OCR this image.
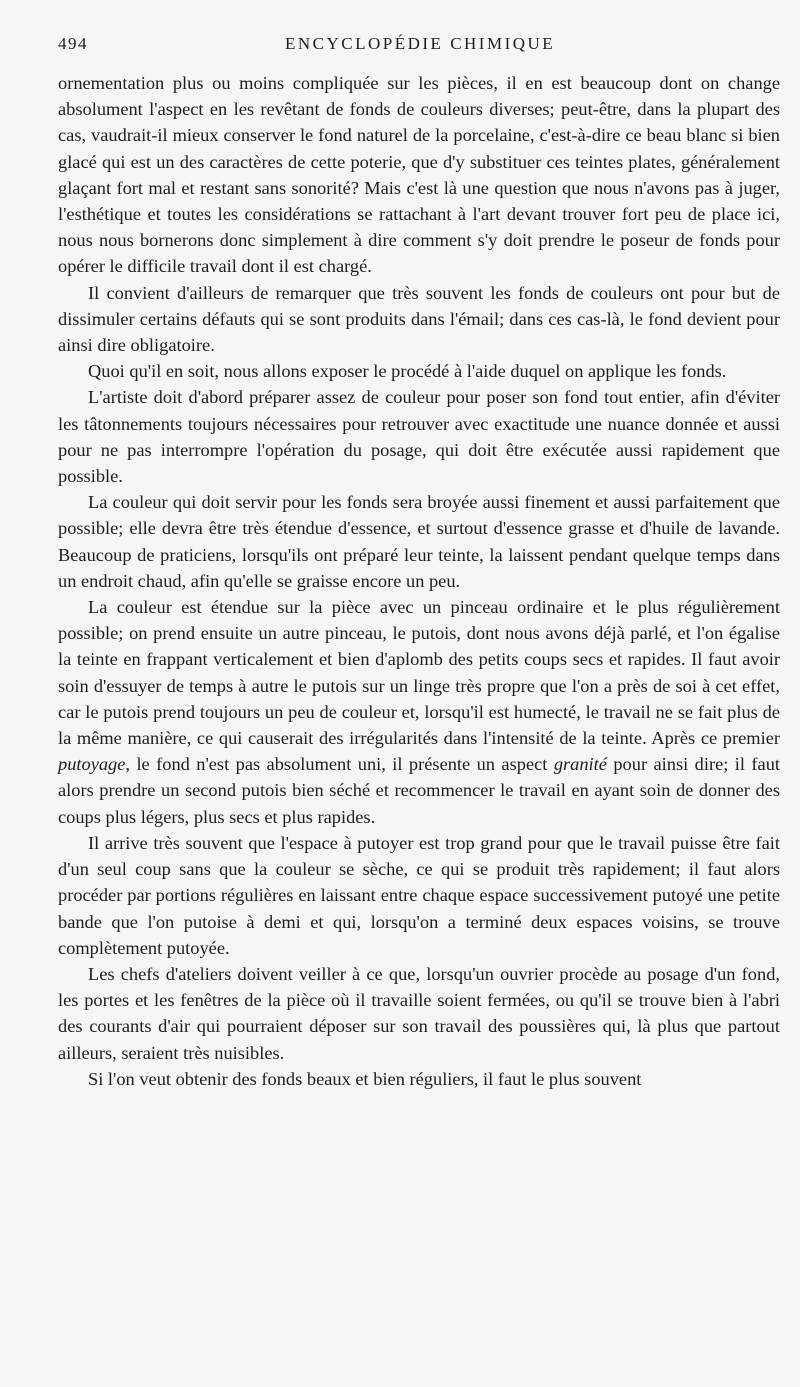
494	ENCYCLOPÉDIE CHIMIQUE

ornementation plus ou moins compliquée sur les pièces, il en est beaucoup dont on change absolument l'aspect en les revêtant de fonds de couleurs diverses; peut-être, dans la plupart des cas, vaudrait-il mieux conserver le fond naturel de la porcelaine, c'est-à-dire ce beau blanc si bien glacé qui est un des caractères de cette poterie, que d'y substituer ces teintes plates, généralement glaçant fort mal et restant sans sonorité? Mais c'est là une question que nous n'avons pas à juger, l'esthétique et toutes les considérations se rattachant à l'art devant trouver fort peu de place ici, nous nous bornerons donc simplement à dire comment s'y doit prendre le poseur de fonds pour opérer le difficile travail dont il est chargé.

Il convient d'ailleurs de remarquer que très souvent les fonds de couleurs ont pour but de dissimuler certains défauts qui se sont produits dans l'émail; dans ces cas-là, le fond devient pour ainsi dire obligatoire.

Quoi qu'il en soit, nous allons exposer le procédé à l'aide duquel on applique les fonds.

L'artiste doit d'abord préparer assez de couleur pour poser son fond tout entier, afin d'éviter les tâtonnements toujours nécessaires pour retrouver avec exactitude une nuance donnée et aussi pour ne pas interrompre l'opération du posage, qui doit être exécutée aussi rapidement que possible.

La couleur qui doit servir pour les fonds sera broyée aussi finement et aussi parfaitement que possible; elle devra être très étendue d'essence, et surtout d'essence grasse et d'huile de lavande. Beaucoup de praticiens, lorsqu'ils ont préparé leur teinte, la laissent pendant quelque temps dans un endroit chaud, afin qu'elle se graisse encore un peu.

La couleur est étendue sur la pièce avec un pinceau ordinaire et le plus régulièrement possible; on prend ensuite un autre pinceau, le putois, dont nous avons déjà parlé, et l'on égalise la teinte en frappant verticalement et bien d'aplomb des petits coups secs et rapides. Il faut avoir soin d'essuyer de temps à autre le putois sur un linge très propre que l'on a près de soi à cet effet, car le putois prend toujours un peu de couleur et, lorsqu'il est humecté, le travail ne se fait plus de la même manière, ce qui causerait des irrégularités dans l'intensité de la teinte. Après ce premier putoyage, le fond n'est pas absolument uni, il présente un aspect granité pour ainsi dire; il faut alors prendre un second putois bien séché et recommencer le travail en ayant soin de donner des coups plus légers, plus secs et plus rapides.

Il arrive très souvent que l'espace à putoyer est trop grand pour que le travail puisse être fait d'un seul coup sans que la couleur se sèche, ce qui se produit très rapidement; il faut alors procéder par portions régulières en laissant entre chaque espace successivement putoyé une petite bande que l'on putoise à demi et qui, lorsqu'on a terminé deux espaces voisins, se trouve complètement putoyée.

Les chefs d'ateliers doivent veiller à ce que, lorsqu'un ouvrier procède au posage d'un fond, les portes et les fenêtres de la pièce où il travaille soient fermées, ou qu'il se trouve bien à l'abri des courants d'air qui pourraient déposer sur son travail des poussières qui, là plus que partout ailleurs, seraient très nuisibles.

Si l'on veut obtenir des fonds beaux et bien réguliers, il faut le plus souvent
